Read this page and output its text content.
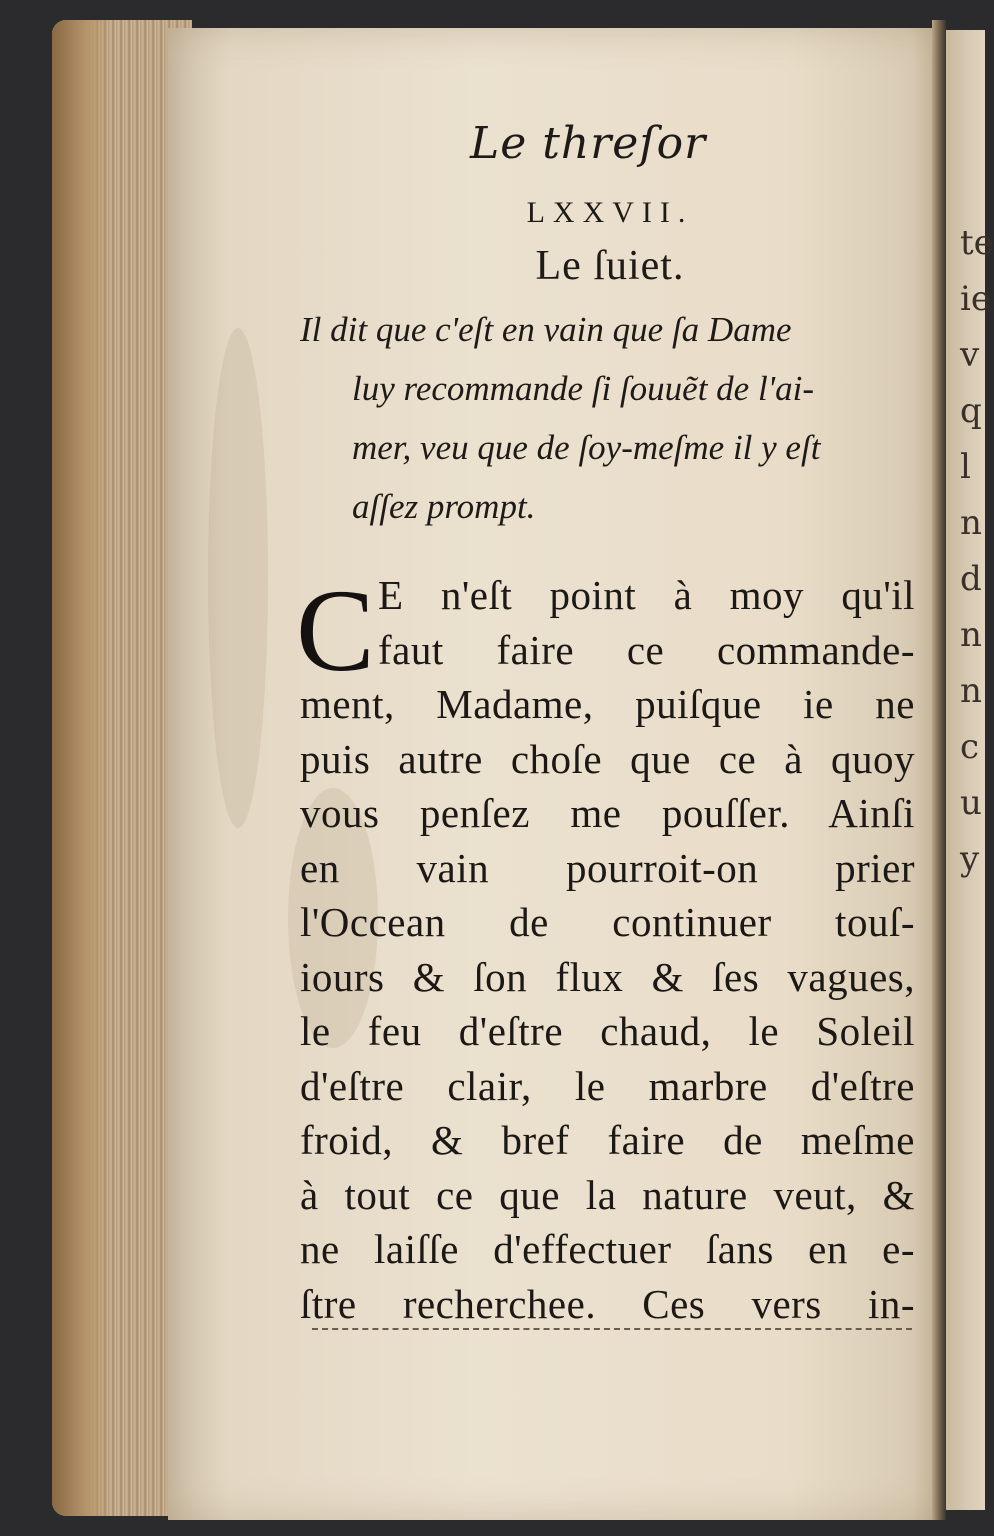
te
ie
v
q
l
n
d
n
n
c
u
y
Le threſor
LXXVII.
Le ſuiet.
Il dit que c'eſt en vain que ſa Dame
luy recommande ſi ſouuẽt de l'ai-
mer, veu que de ſoy-meſme il y eſt
aſſez prompt.
C E n'eſt point à moy qu'il
faut faire ce commande-
ment, Madame, puiſque ie ne
puis autre choſe que ce à quoy
vous penſez me pouſſer. Ainſi
en vain pourroit-on prier
l'Occean de continuer touſ-
iours & ſon flux & ſes vagues,
le feu d'eſtre chaud, le Soleil
d'eſtre clair, le marbre d'eſtre
froid, & bref faire de meſme
à tout ce que la nature veut, &
ne laiſſe d'effectuer ſans en e-
ſtre recherchee. Ces vers in-
